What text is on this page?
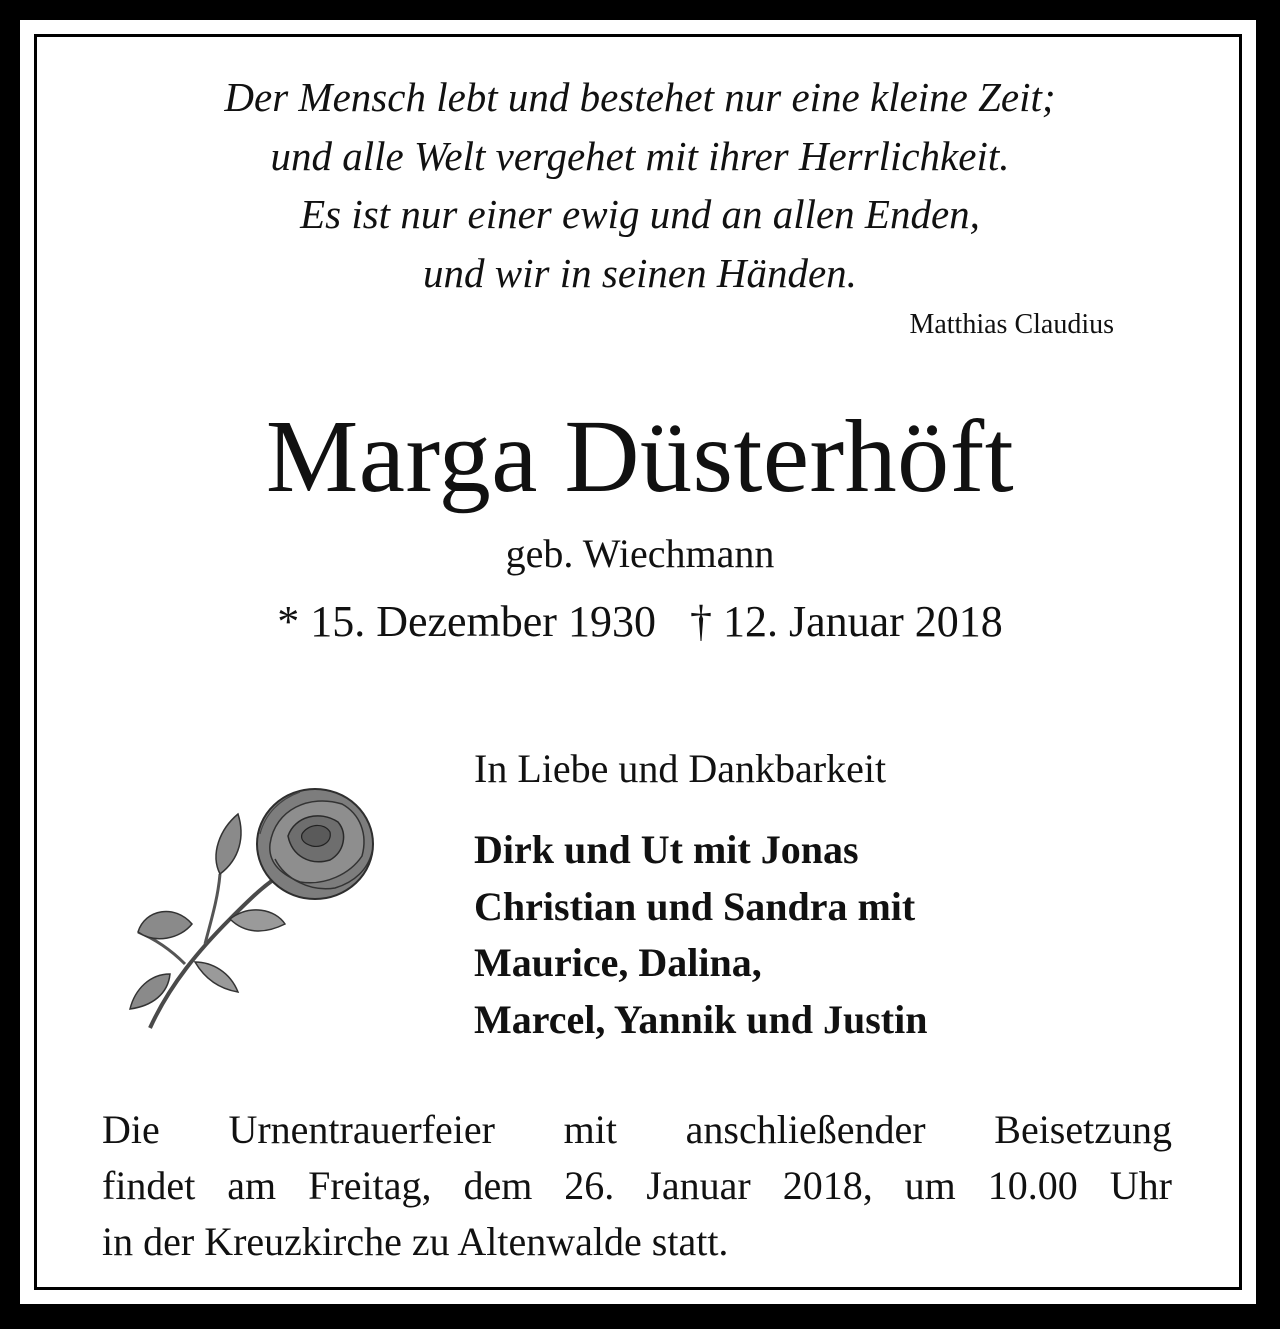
Der Mensch lebt und bestehet nur eine kleine Zeit;
und alle Welt vergehet mit ihrer Herrlichkeit.
Es ist nur einer ewig und an allen Enden,
und wir in seinen Händen.
Matthias Claudius
Marga Düsterhöft
geb. Wiechmann
* 15. Dezember 1930 † 12. Januar 2018
In Liebe und Dankbarkeit
Dirk und Ut mit Jonas
Christian und Sandra mit
Maurice, Dalina,
Marcel, Yannik und Justin
Die Urnentrauerfeier mit anschließender Beisetzung
findet am Freitag, dem 26. Januar 2018, um 10.00 Uhr
in der Kreuzkirche zu Altenwalde statt.
